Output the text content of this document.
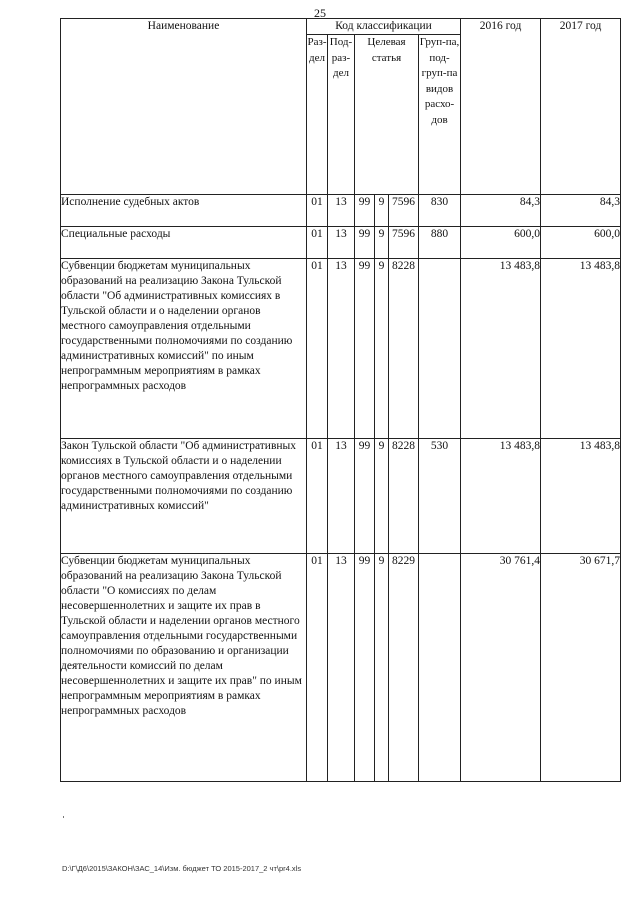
25
Наименование	Код классификации						2016 год	2017 год
	Раз-дел	Под-раз-дел	Целевая статья			Груп-па, под-груп-па видов расхо-дов		
Исполнение судебных актов	01	13	99	9	7596	830	84,3	84,3
Специальные расходы	01	13	99	9	7596	880	600,0	600,0
Субвенции бюджетам муниципальных образований на реализацию Закона Тульской области "Об административных комиссиях в Тульской области и о наделении органов местного самоуправления отдельными государственными полномочиями по созданию административных комиссий" по иным непрограммным мероприятиям в рамках непрограммных расходов	01	13	99	9	8228		13 483,8	13 483,8
Закон Тульской области "Об административных комиссиях в Тульской области и о наделении органов местного самоуправления отдельными государственными полномочиями по созданию административных комиссий"	01	13	99	9	8228	530	13 483,8	13 483,8
Субвенции бюджетам муниципальных образований на реализацию Закона Тульской области "О комиссиях по делам несовершеннолетних и защите их прав в Тульской области и наделении органов местного самоуправления отдельными государственными полномочиями по образованию и организации деятельности комиссий по делам несовершеннолетних и защите их прав" по иным непрограммным мероприятиям в рамках непрограммных расходов	01	13	99	9	8229		30 761,4	30 671,7
D:\Г\Д6\2015\ЗАКОН\ЗАС_14\Изм. бюджет ТО 2015-2017_2 чт\pr4.xls
